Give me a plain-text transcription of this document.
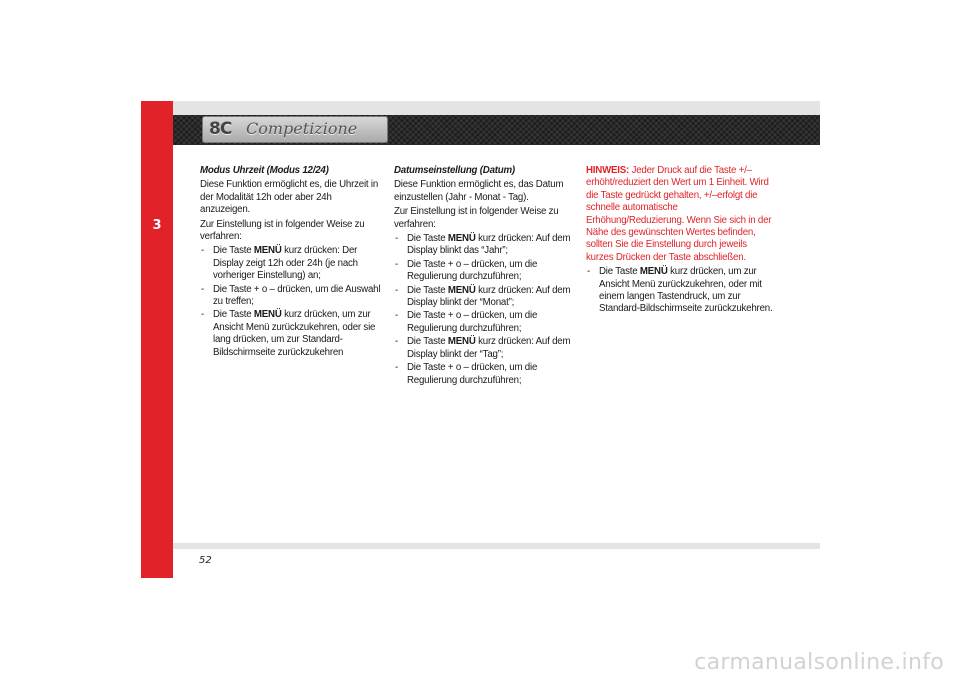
3
8C Competizione
Modus Uhrzeit (Modus 12/24)
Diese Funktion ermöglicht es, die Uhrzeit in der Modalität 12h oder aber 24h anzuzeigen.
Zur Einstellung ist in folgender Weise zu verfahren:
- Die Taste MENÜ kurz drücken: Der Display zeigt 12h oder 24h (je nach vorheriger Einstellung) an;
- Die Taste + o – drücken, um die Auswahl zu treffen;
- Die Taste MENÜ kurz drücken, um zur Ansicht Menü zurückzukehren, oder sie lang drücken, um zur Standard-Bildschirmseite zurückzukehren
Datumseinstellung (Datum)
Diese Funktion ermöglicht es, das Datum einzustellen (Jahr - Monat - Tag).
Zur Einstellung ist in folgender Weise zu verfahren:
- Die Taste MENÜ kurz drücken: Auf dem Display blinkt das “Jahr”;
- Die Taste + o – drücken, um die Regulierung durchzuführen;
- Die Taste MENÜ kurz drücken: Auf dem Display blinkt der “Monat”;
- Die Taste + o – drücken, um die Regulierung durchzuführen;
- Die Taste MENÜ kurz drücken: Auf dem Display blinkt der “Tag”;
- Die Taste + o – drücken, um die Regulierung durchzuführen;
HINWEIS: Jeder Druck auf die Taste +/– erhöht/reduziert den Wert um 1 Einheit. Wird die Taste gedrückt gehalten, +/–erfolgt die schnelle automatische Erhöhung/Reduzierung. Wenn Sie sich in der Nähe des gewünschten Wertes befinden, sollten Sie die Einstellung durch jeweils kurzes Drücken der Taste abschließen.
- Die Taste MENÜ kurz drücken, um zur Ansicht Menü zurückzukehren, oder mit einem langen Tastendruck, um zur Standard-Bildschirmseite zurückzukehren.
52
carmanualsonline.info
